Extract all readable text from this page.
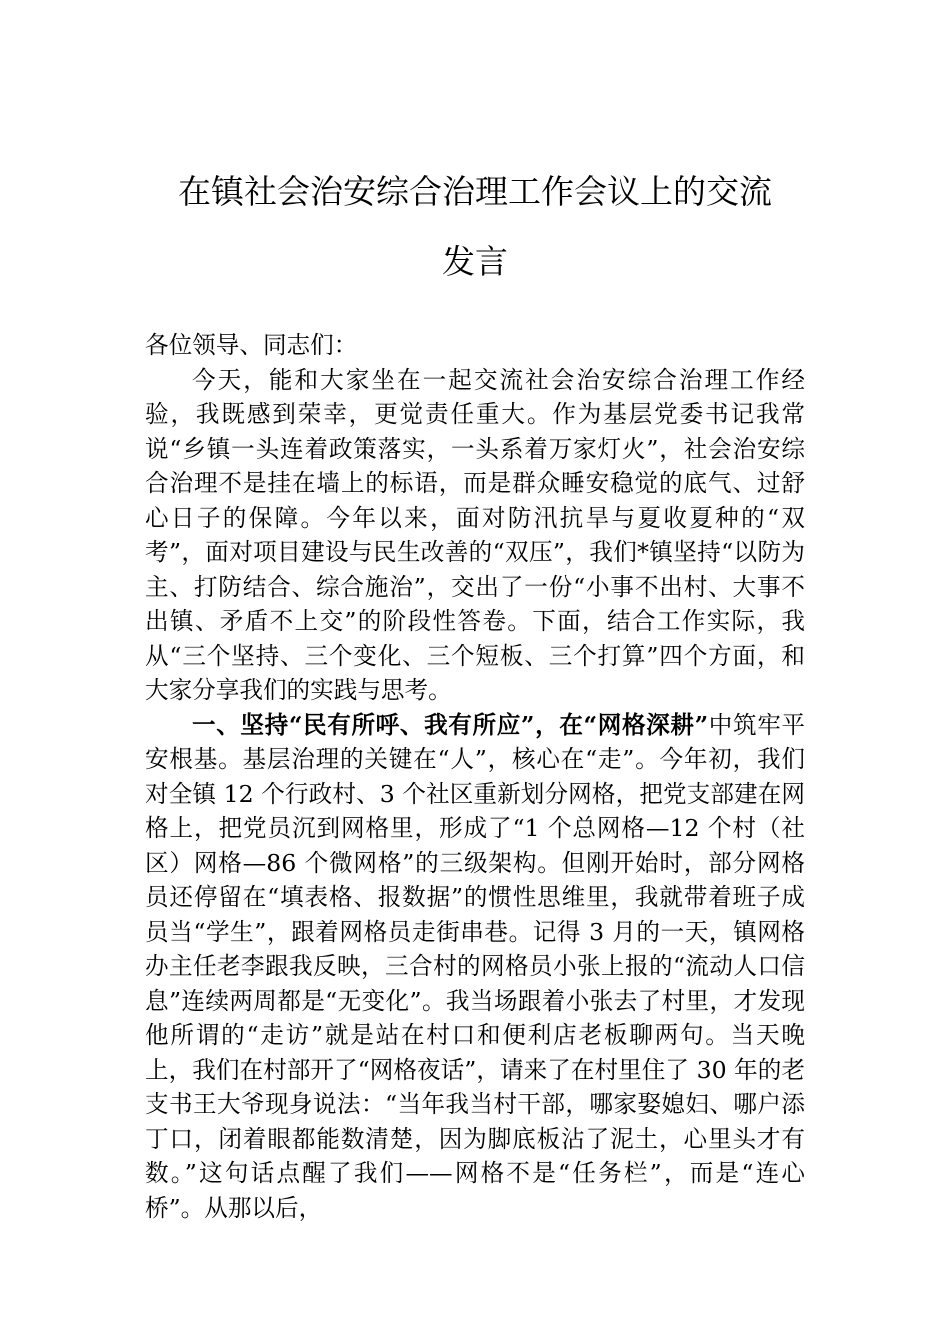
在镇社会治安综合治理工作会议上的交流
发言

各位领导、同志们：

今天，能和大家坐在一起交流社会治安综合治理工作经验，我既感到荣幸，更觉责任重大。作为基层党委书记我常说“乡镇一头连着政策落实，一头系着万家灯火”，社会治安综合治理不是挂在墙上的标语，而是群众睡安稳觉的底气、过舒心日子的保障。今年以来，面对防汛抗旱与夏收夏种的“双考”，面对项目建设与民生改善的“双压”，我们*镇坚持“以防为主、打防结合、综合施治”，交出了一份“小事不出村、大事不出镇、矛盾不上交”的阶段性答卷。下面，结合工作实际，我从“三个坚持、三个变化、三个短板、三个打算”四个方面，和大家分享我们的实践与思考。

一、坚持“民有所呼、我有所应”，在“网格深耕”中筑牢平安根基。基层治理的关键在“人”，核心在“走”。今年初，我们对全镇 12 个行政村、3 个社区重新划分网格，把党支部建在网格上，把党员沉到网格里，形成了“1 个总网格—12 个村（社区）网格—86 个微网格”的三级架构。但刚开始时，部分网格员还停留在“填表格、报数据”的惯性思维里，我就带着班子成员当“学生”，跟着网格员走街串巷。记得 3 月的一天，镇网格办主任老李跟我反映，三合村的网格员小张上报的“流动人口信息”连续两周都是“无变化”。我当场跟着小张去了村里，才发现他所谓的“走访”就是站在村口和便利店老板聊两句。当天晚上，我们在村部开了“网格夜话”，请来了在村里住了 30 年的老支书王大爷现身说法：“当年我当村干部，哪家娶媳妇、哪户添丁口，闭着眼都能数清楚，因为脚底板沾了泥土，心里头才有数。”这句话点醒了我们——网格不是“任务栏”，而是“连心桥”。从那以后，
